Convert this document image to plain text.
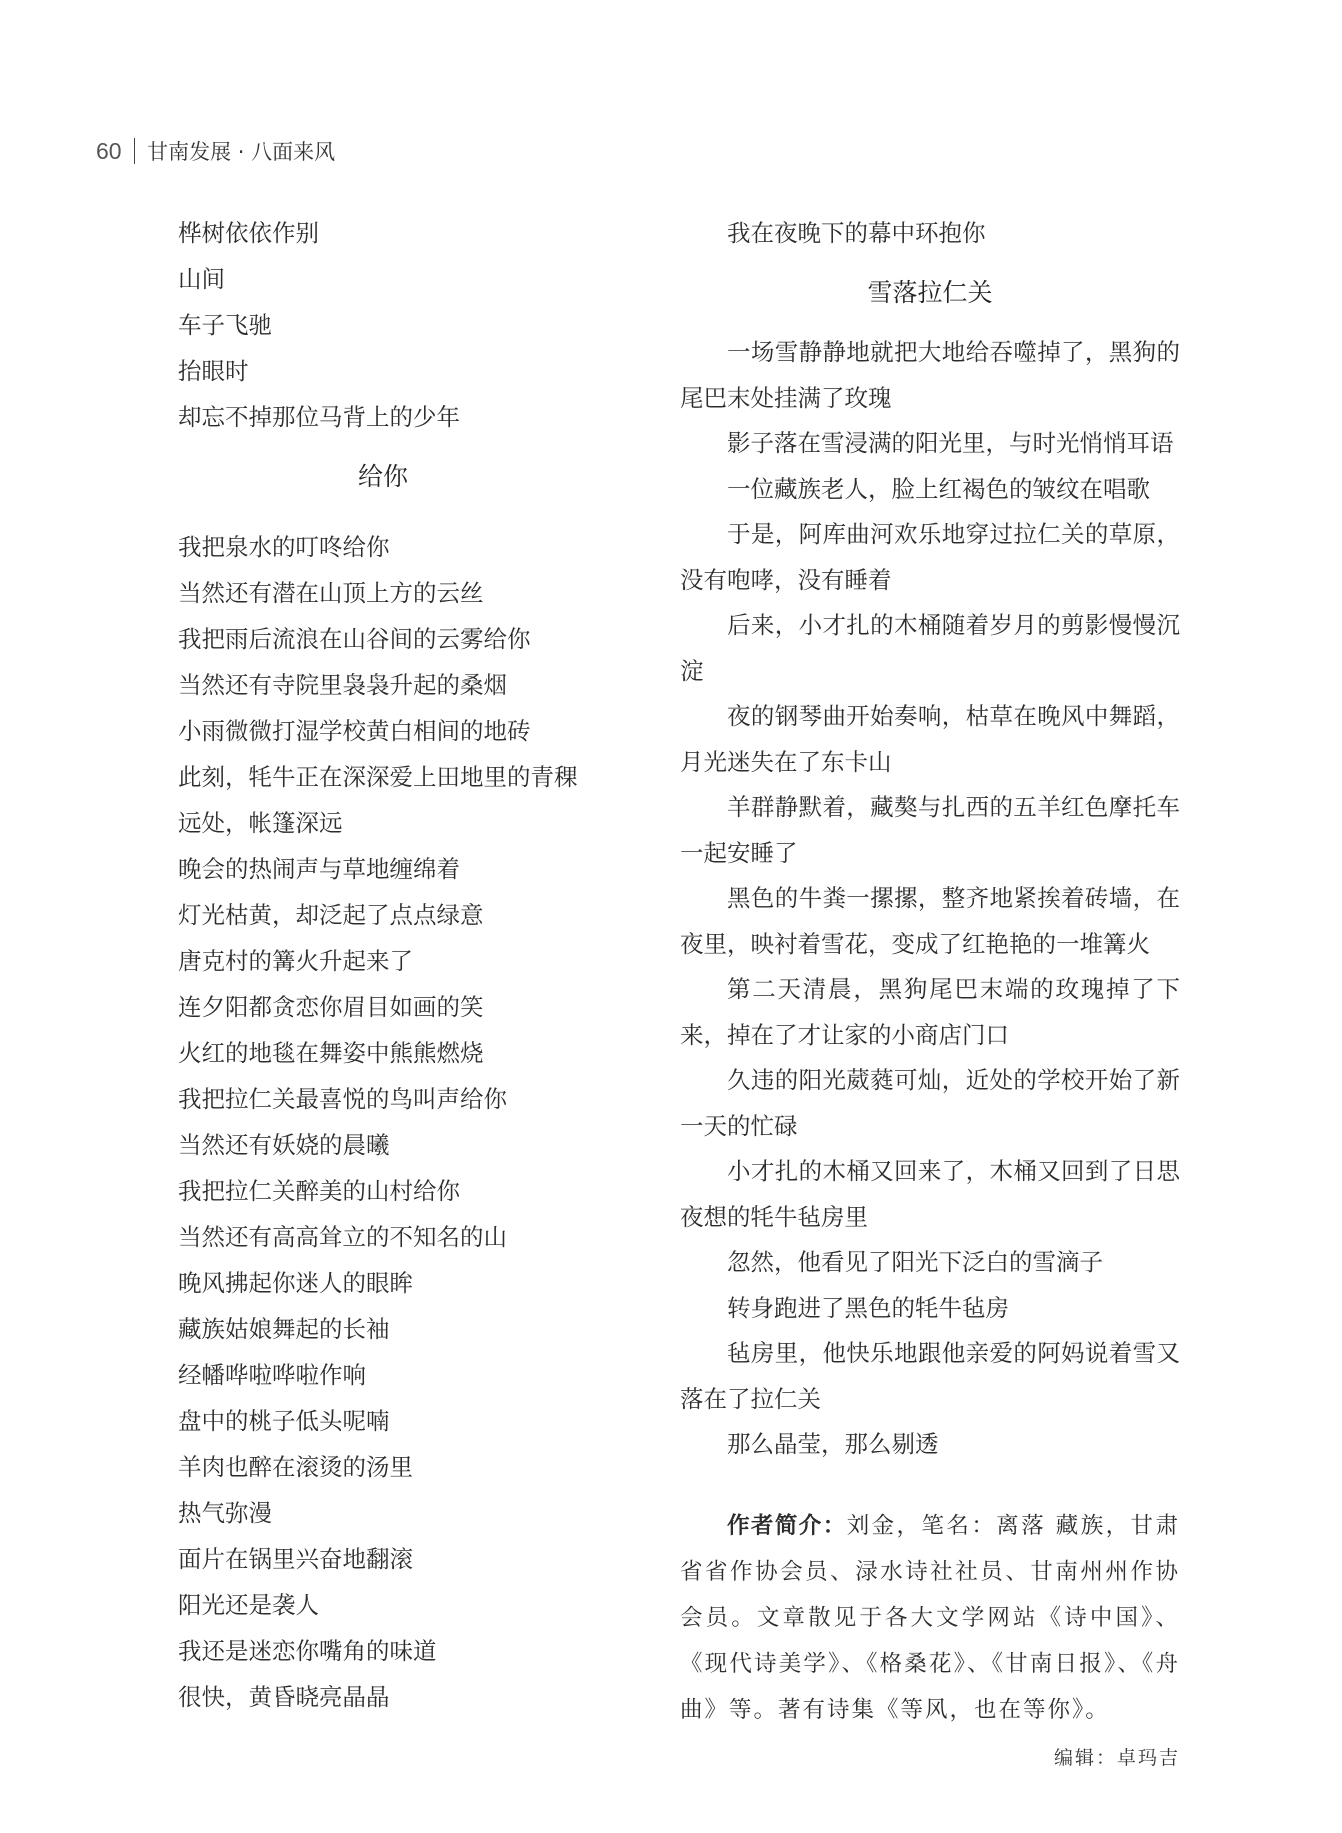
60 甘南发展 · 八面来风
桦树依依作别
山间
车子飞驰
抬眼时
却忘不掉那位马背上的少年
给你
我把泉水的叮咚给你
当然还有潜在山顶上方的云丝
我把雨后流浪在山谷间的云雾给你
当然还有寺院里袅袅升起的桑烟
小雨微微打湿学校黄白相间的地砖
此刻，牦牛正在深深爱上田地里的青稞
远处，帐篷深远
晚会的热闹声与草地缠绵着
灯光枯黄，却泛起了点点绿意
唐克村的篝火升起来了
连夕阳都贪恋你眉目如画的笑
火红的地毯在舞姿中熊熊燃烧
我把拉仁关最喜悦的鸟叫声给你
当然还有妖娆的晨曦
我把拉仁关醉美的山村给你
当然还有高高耸立的不知名的山
晚风拂起你迷人的眼眸
藏族姑娘舞起的长袖
经幡哗啦哗啦作响
盘中的桃子低头呢喃
羊肉也醉在滚烫的汤里
热气弥漫
面片在锅里兴奋地翻滚
阳光还是袭人
我还是迷恋你嘴角的味道
很快，黄昏晓亮晶晶
我在夜晚下的幕中环抱你
雪落拉仁关
一场雪静静地就把大地给吞噬掉了，黑狗的尾巴末处挂满了玫瑰
影子落在雪浸满的阳光里，与时光悄悄耳语
一位藏族老人，脸上红褐色的皱纹在唱歌
于是，阿库曲河欢乐地穿过拉仁关的草原，没有咆哮，没有睡着
后来，小才扎的木桶随着岁月的剪影慢慢沉淀
夜的钢琴曲开始奏响，枯草在晚风中舞蹈，月光迷失在了东卡山
羊群静默着，藏獒与扎西的五羊红色摩托车一起安睡了
黑色的牛粪一摞摞，整齐地紧挨着砖墙，在夜里，映衬着雪花，变成了红艳艳的一堆篝火
第二天清晨，黑狗尾巴末端的玫瑰掉了下来，掉在了才让家的小商店门口
久违的阳光葳蕤可灿，近处的学校开始了新一天的忙碌
小才扎的木桶又回来了，木桶又回到了日思夜想的牦牛毡房里
忽然，他看见了阳光下泛白的雪滴子
转身跑进了黑色的牦牛毡房
毡房里，他快乐地跟他亲爱的阿妈说着雪又落在了拉仁关
那么晶莹，那么剔透
作者简介：刘金，笔名：离落 藏族，甘肃省省作协会员、渌水诗社社员、甘南州州作协会员。文章散见于各大文学网站《诗中国》、《现代诗美学》、《格桑花》、《甘南日报》、《舟曲》等。著有诗集《等风，也在等你》。
编辑：卓玛吉
